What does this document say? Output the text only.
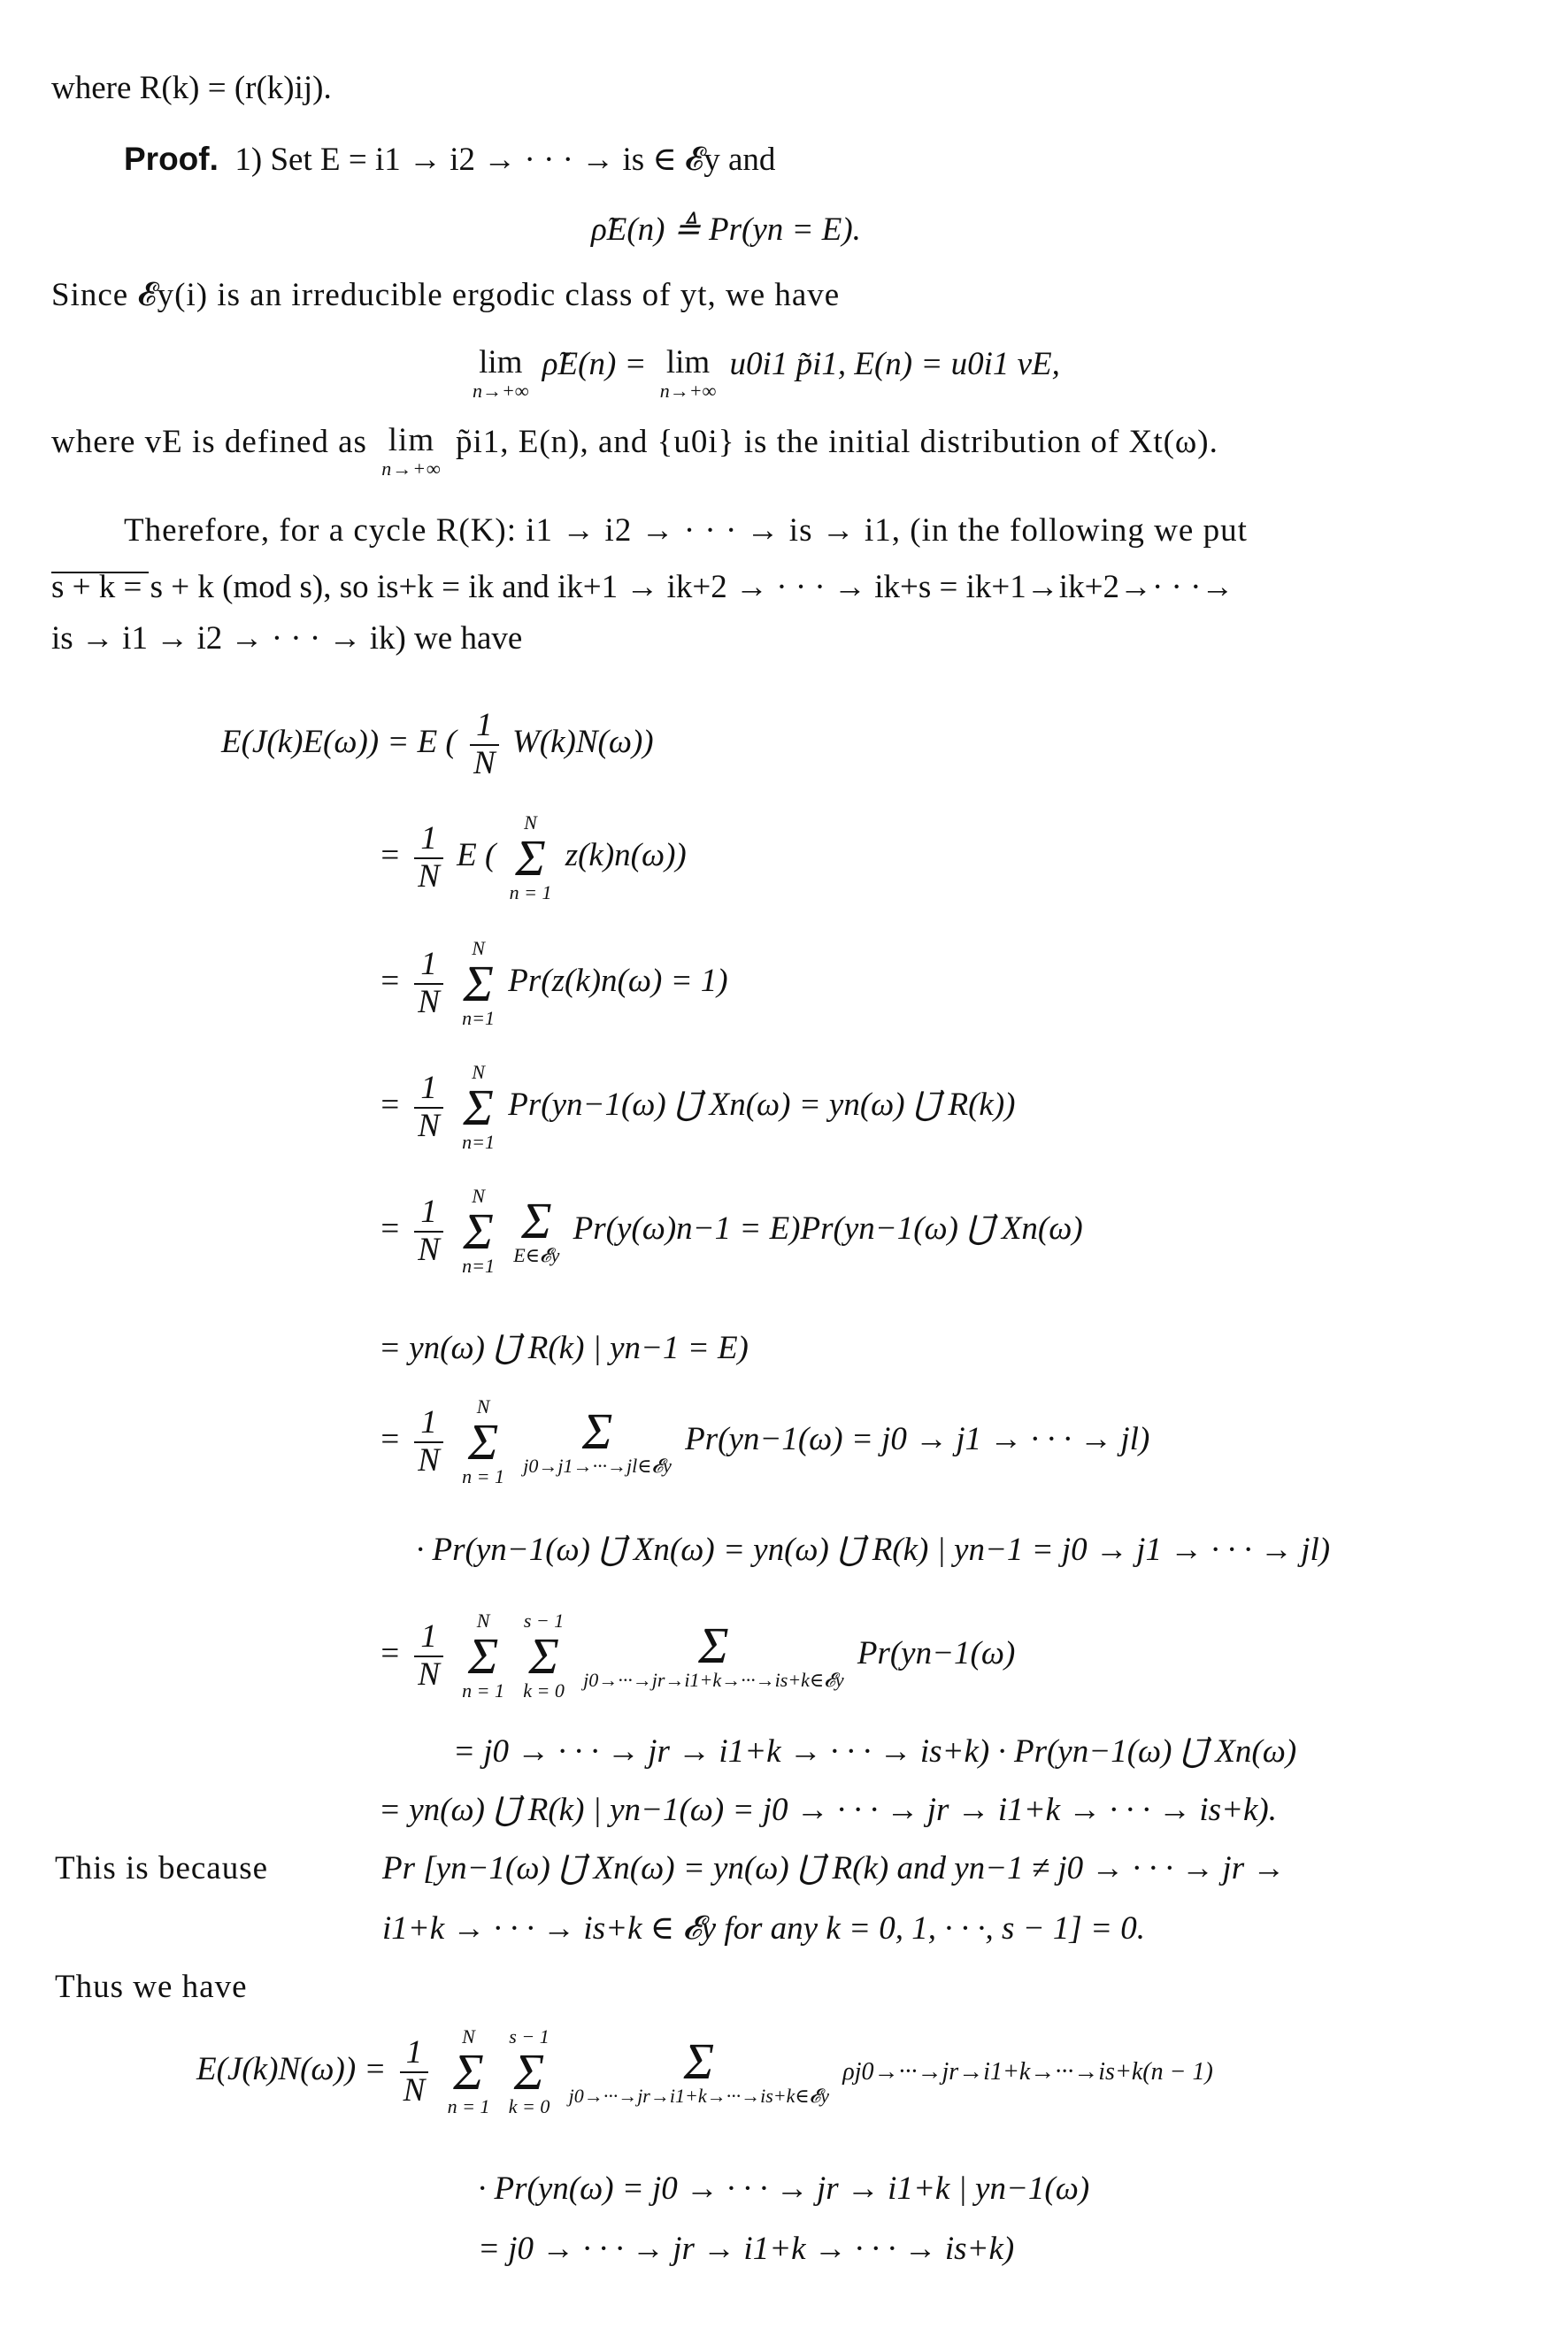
where R(k) = (r(k)ij).
Proof. 1) Set E = i1 → i2 → · · · → is ∈ 𝓔y and
ρ̃E(n) ≜ Pr(yn = E).
Since 𝓔y(i) is an irreducible ergodic class of yt, we have
lim
n→+∞
ρ̃E(n) = lim
n→+∞
u0i1 p̃i1, E(n) = u0i1 vE,
where vE is defined as lim
n→+∞
p̃i1, E(n), and {u0i} is the initial distribution of Xt(ω).
Therefore, for a cycle R(K): i1 → i2 → · · · → is → i1, (in the following we put
s + k = s + k (mod s), so is+k = ik and ik+1 → ik+2 → · · · → ik+s = ik+1→ik+2→· · ·→
is → i1 → i2 → · · · → ik) we have
E(J(k)E(ω)) = E ( $\frac{1}{N} W(k)N(\omega)$)
= $\frac{1}{N}$ E (
N
Σ
n = 1
z(k)n(ω))
= $\frac{1}{N}$
	N
Σ
n=1
Pr(z(k)n(ω) = 1)
= $\frac{1}{N}$
	N
Σ
n=1
Pr(yn−1(ω) ⋃⃗ Xn(ω) = yn(ω) ⋃⃗ R(k))
= $\frac{1}{N}$
	N
Σ
n=1

Σ
E∈𝓔y
Pr(y(ω)n−1 = E)Pr(yn−1(ω) ⋃⃗ Xn(ω)
= yn(ω) ⋃⃗ R(k) | yn−1 = E)
= $\frac{1}{N}$
	N
Σ
n = 1

Σ
j0→j1→···→jl∈𝓔y
Pr(yn−1(ω) = j0 → j1 → · · · → jl)
· Pr(yn−1(ω) ⋃⃗ Xn(ω) = yn(ω) ⋃⃗ R(k) | yn−1 = j0 → j1 → · · · → jl)
= $\frac{1}{N}$
	N
Σ
n = 1

s − 1
Σ
k = 0

Σ
j0→···→jr→i1+k→···→is+k∈𝓔y
Pr(yn−1(ω)
= j0 → · · · → jr → i1+k → · · · → is+k) · Pr(yn−1(ω) ⋃⃗ Xn(ω)
= yn(ω) ⋃⃗ R(k) | yn−1(ω) = j0 → · · · → jr → i1+k → · · · → is+k).
This is because	Pr [yn−1(ω) ⋃⃗ Xn(ω) = yn(ω) ⋃⃗ R(k) and yn−1 ≠ j0 → · · · → jr →
i1+k → · · · → is+k ∈ 𝓔y for any k = 0, 1, · · ·, s − 1] = 0.
Thus we have
$E(J(k)N(\omega)) = \frac{1}{N}$
	N
Σ
n = 1

s − 1
Σ
k = 0

Σ
j0→···→jr→i1+k→···→is+k∈𝓔y
ρj0→···→jr→i1+k→···→is+k(n − 1)
· Pr(yn(ω) = j0 → · · · → jr → i1+k | yn−1(ω)
= j0 → · · · → jr → i1+k → · · · → is+k)
